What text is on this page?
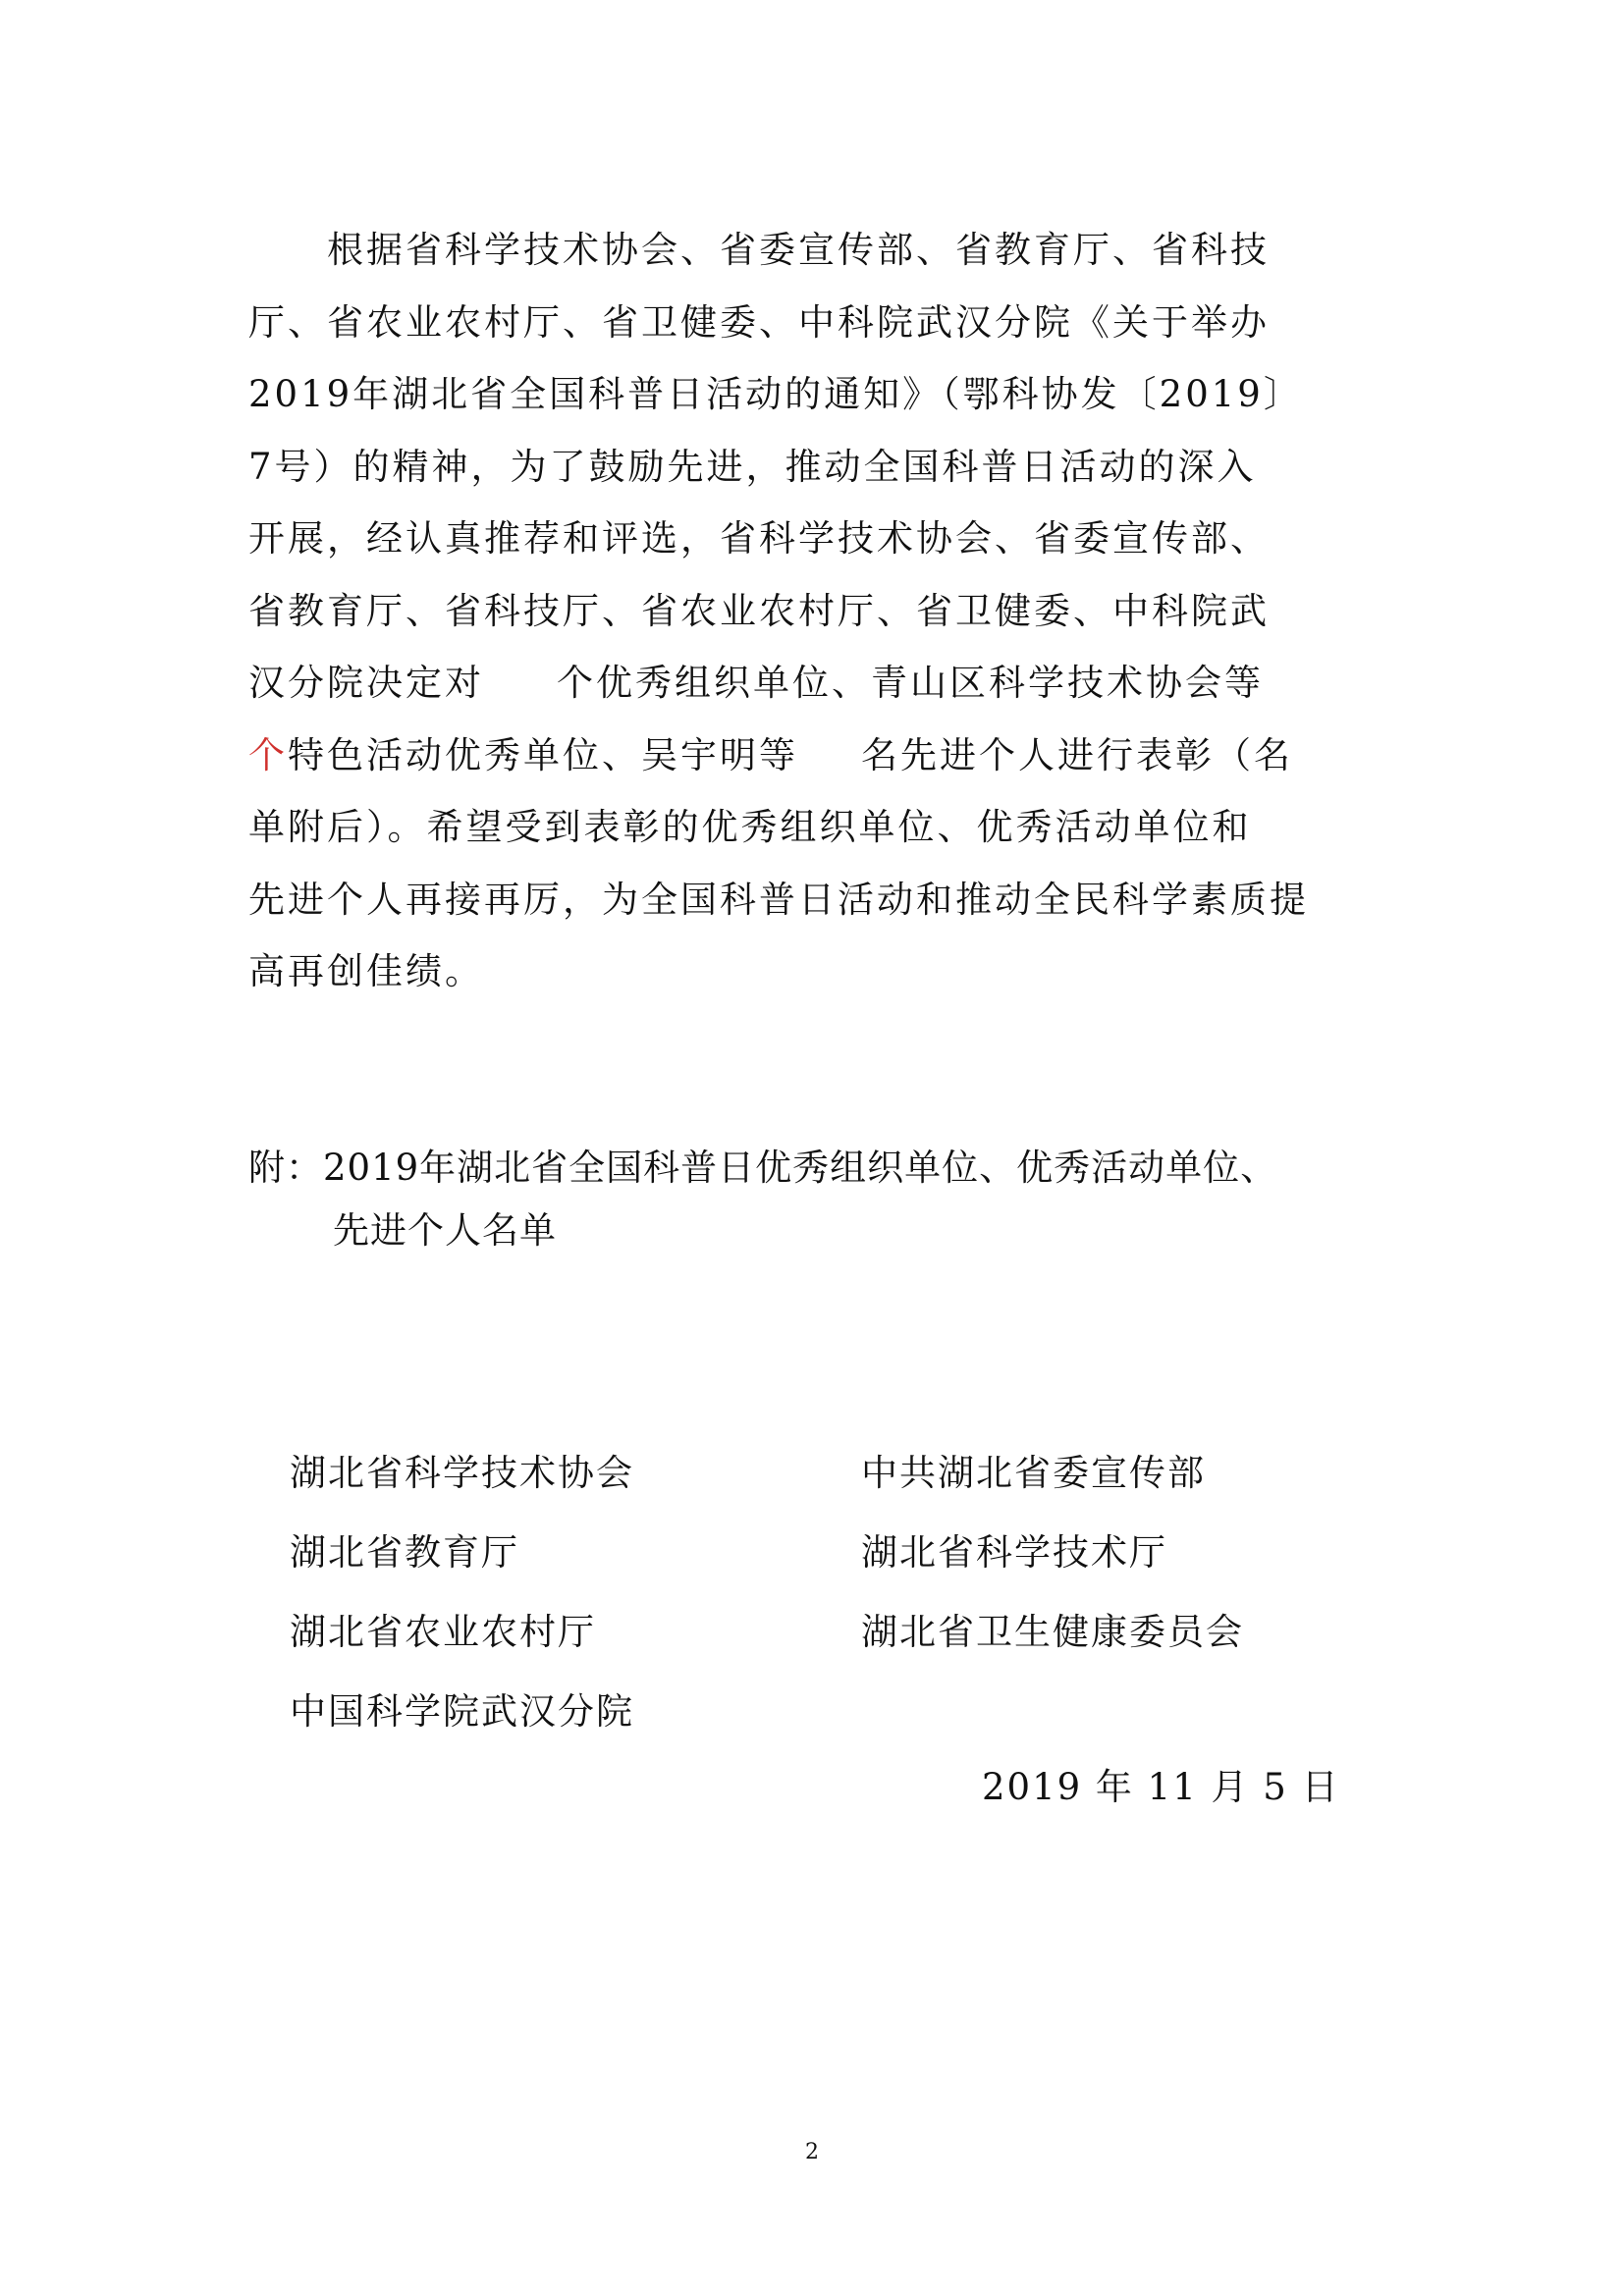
　　根据省科学技术协会、省委宣传部、省教育厅、省科技
厅、省农业农村厅、省卫健委、中科院武汉分院《关于举办
2019年湖北省全国科普日活动的通知》（鄂科协发〔2019〕
7号）的精神，为了鼓励先进，推动全国科普日活动的深入
开展，经认真推荐和评选，省科学技术协会、省委宣传部、
省教育厅、省科技厅、省农业农村厅、省卫健委、中科院武
汉分院决定对 个优秀组织单位、青山区科学技术协会等
个特色活动优秀单位、吴宇明等 名先进个人进行表彰（名
单附后）。希望受到表彰的优秀组织单位、优秀活动单位和
先进个人再接再厉，为全国科普日活动和推动全民科学素质提
高再创佳绩。
附：2019年湖北省全国科普日优秀组织单位、优秀活动单位、
先进个人名单
湖北省科学技术协会	中共湖北省委宣传部
湖北省教育厅	湖北省科学技术厅
湖北省农业农村厅	湖北省卫生健康委员会
中国科学院武汉分院
2019 年 11 月 5 日
2
